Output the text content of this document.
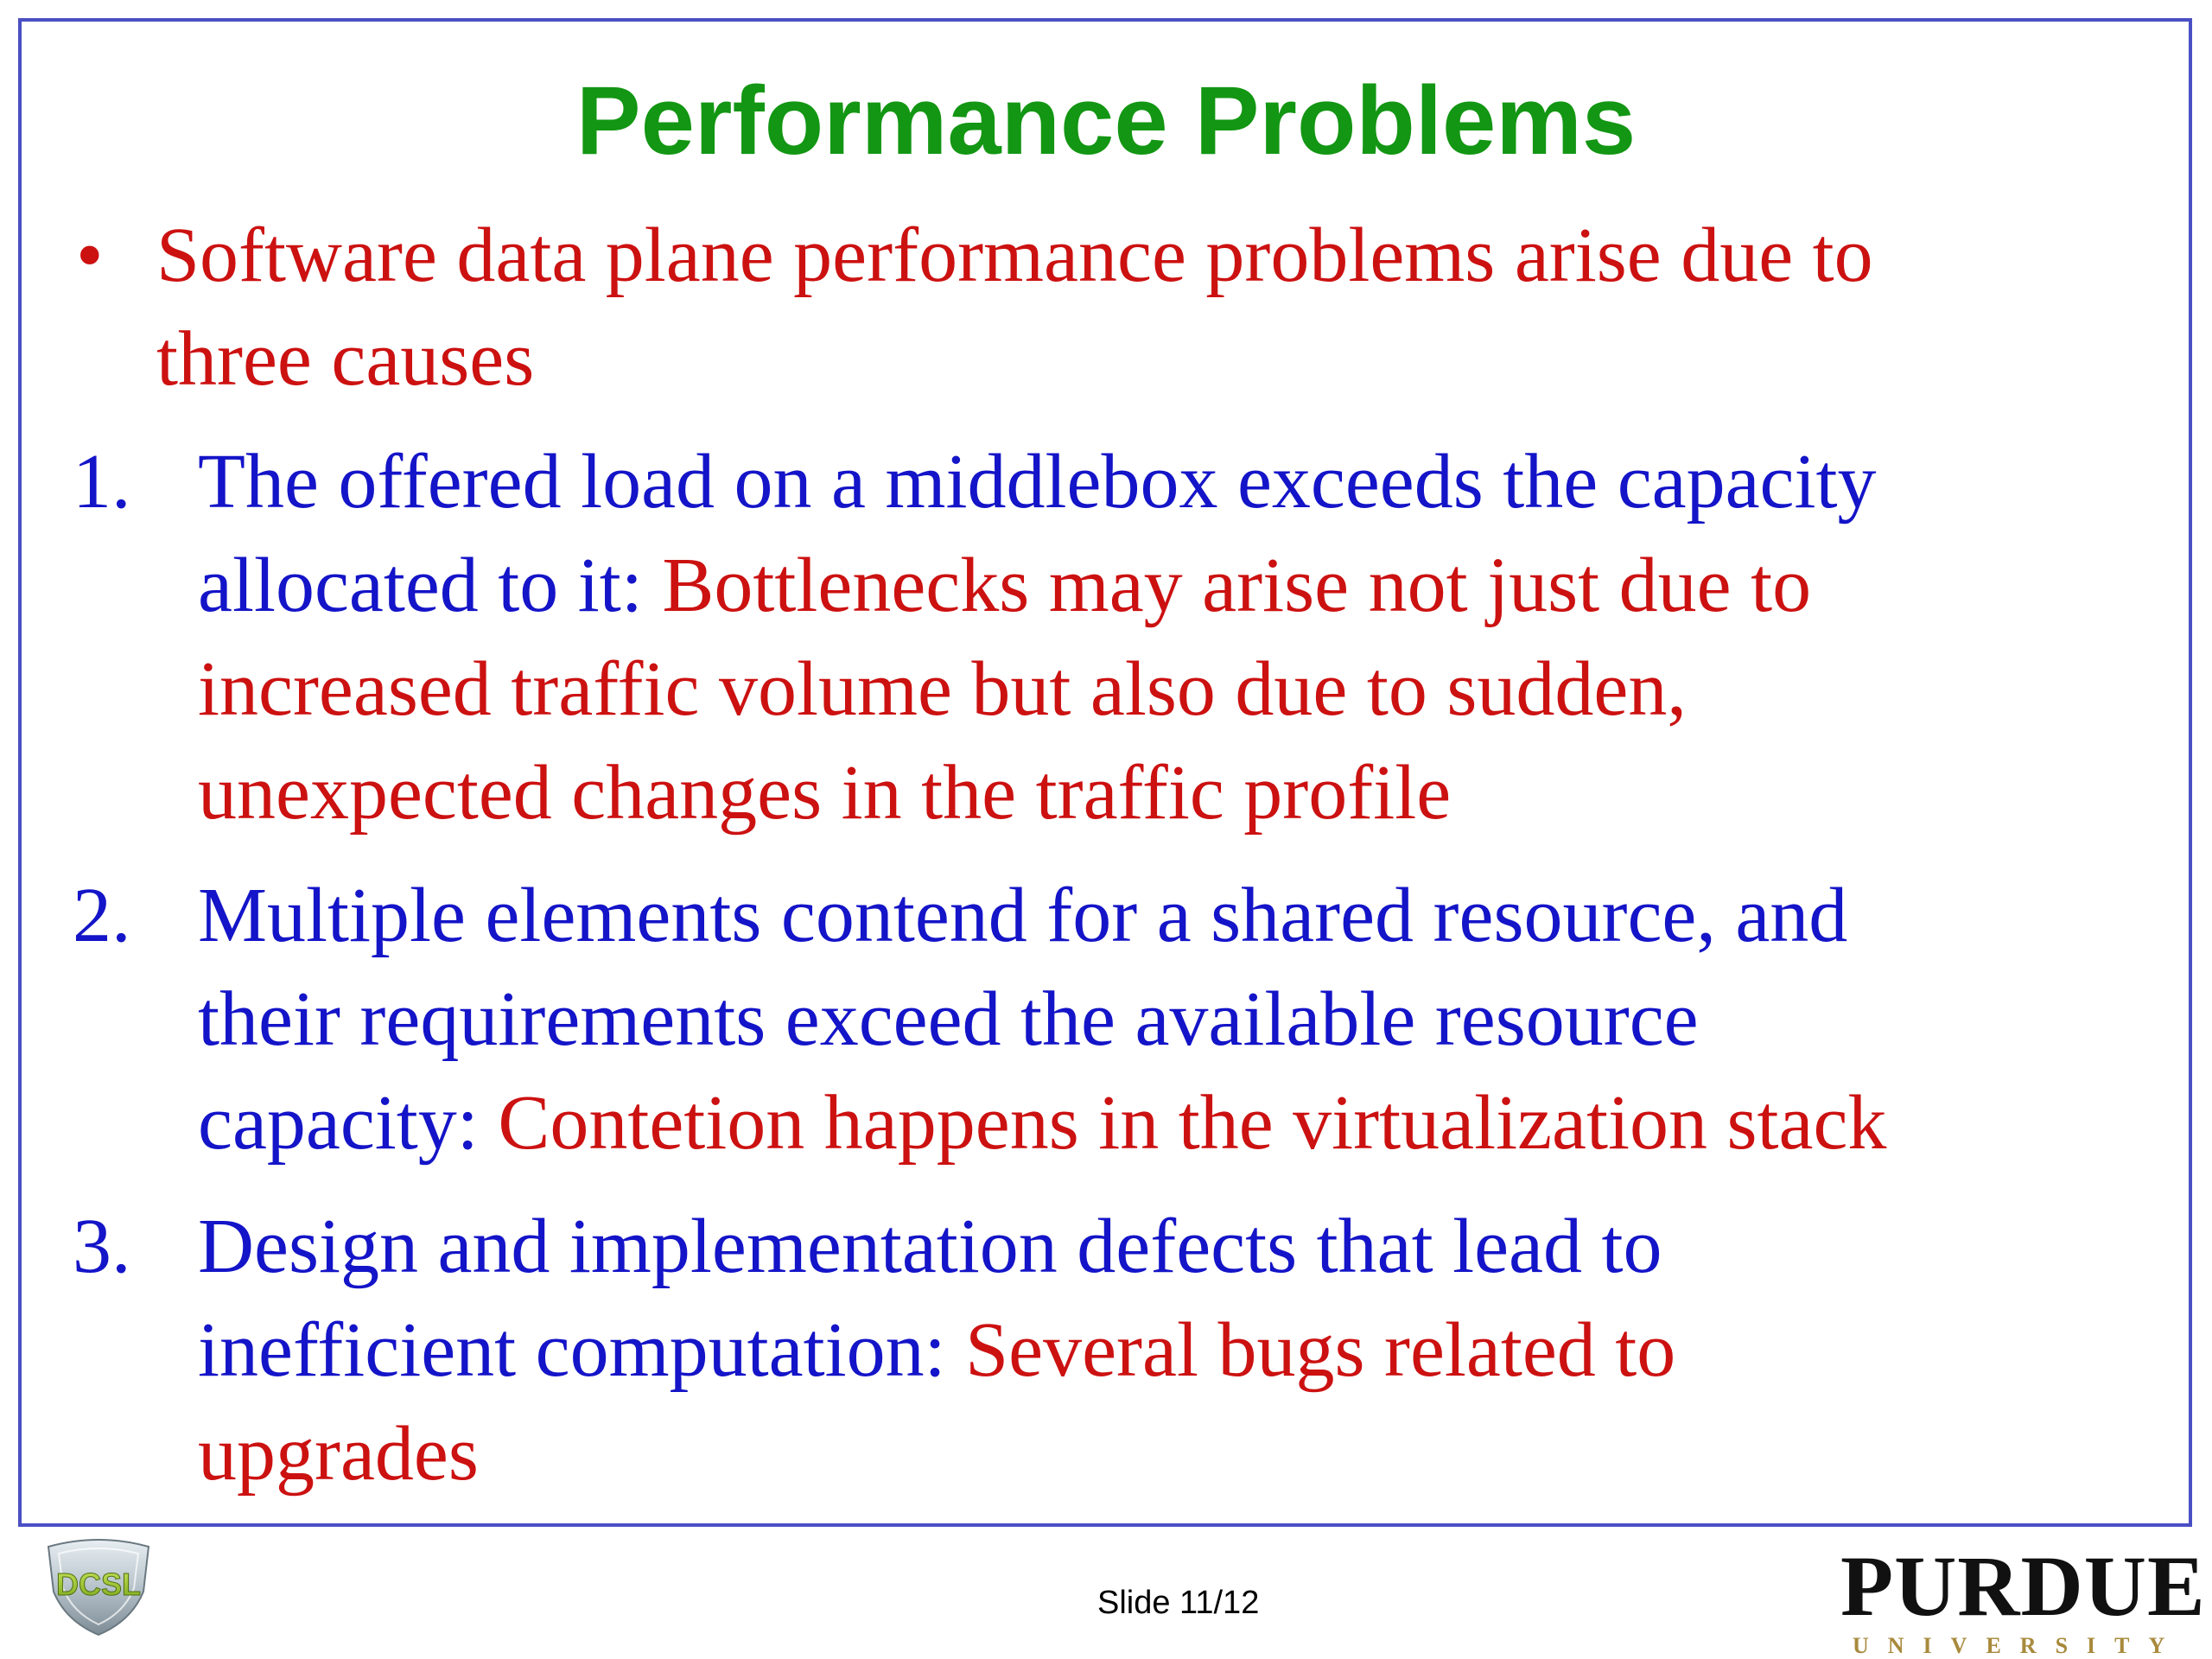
Performance Problems
• Software data plane performance problems arise due to
three causes
1. The offered load on a middlebox exceeds the capacity
allocated to it: Bottlenecks may arise not just due to
increased traffic volume but also due to sudden,
unexpected changes in the traffic profile
2. Multiple elements contend for a shared resource, and
their requirements exceed the available resource
capacity: Contetion happens in the virtualization stack
3. Design and implementation defects that lead to
inefficient computation: Several bugs related to
upgrades
DCSL
Slide 11/12	PURDUE
UNIVERSITY
